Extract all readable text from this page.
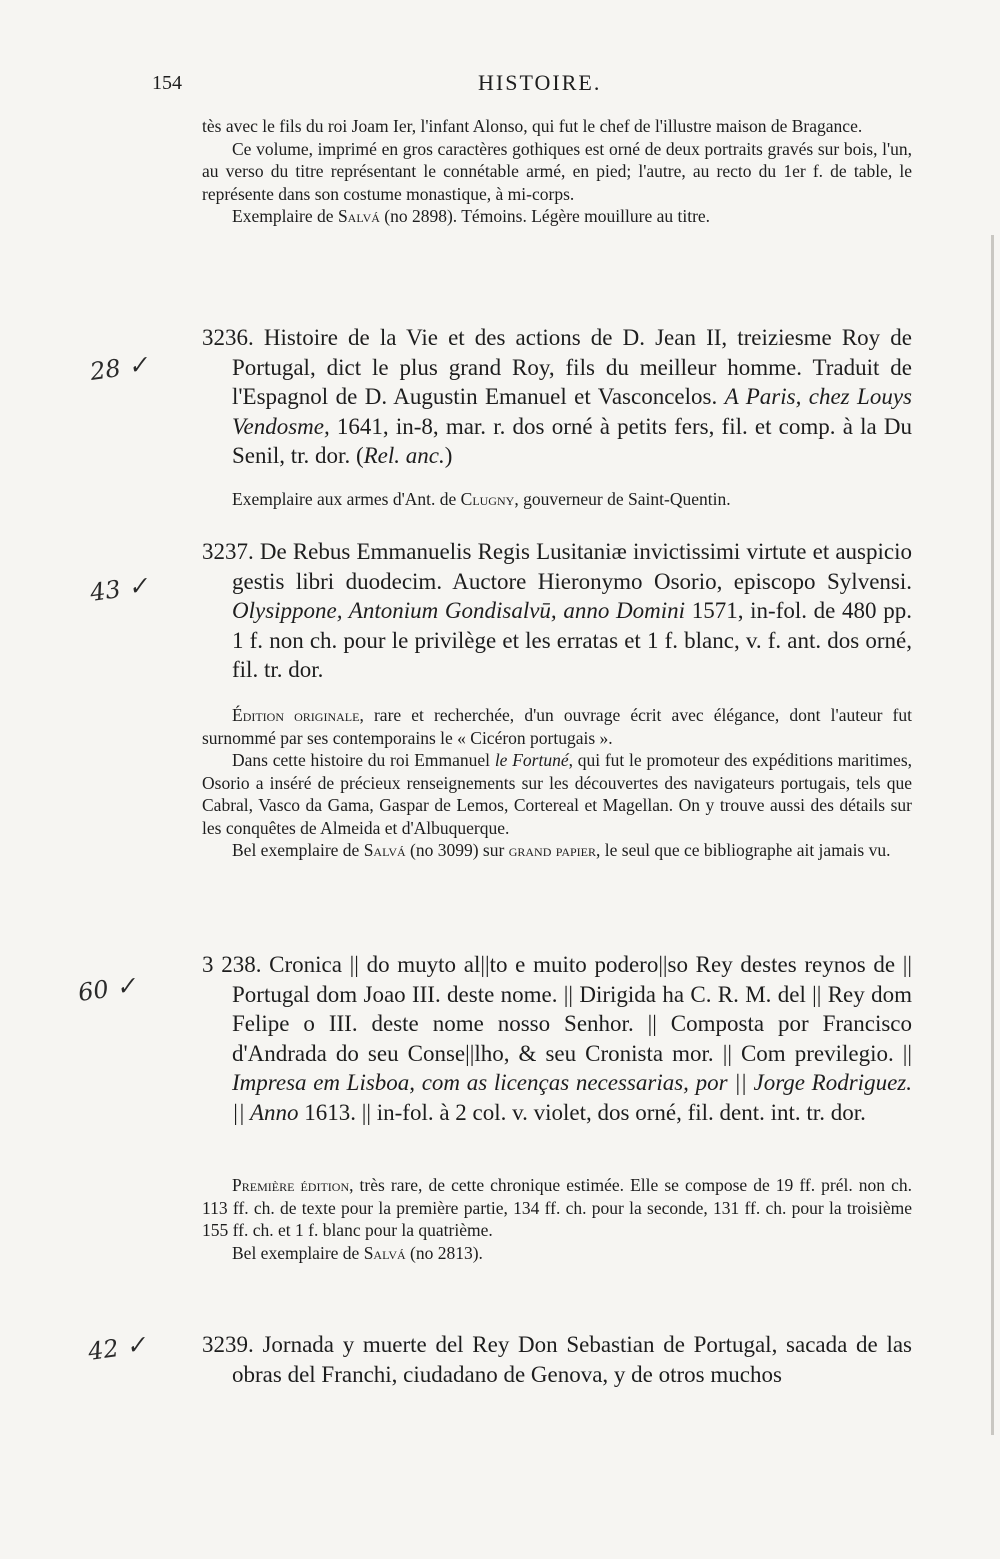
154	HISTOIRE.

tès avec le fils du roi Joam Ier, l'infant Alonso, qui fut le chef de l'illustre maison de Bragance.

Ce volume, imprimé en gros caractères gothiques est orné de deux portraits gravés sur bois, l'un, au verso du titre représentant le connétable armé, en pied; l'autre, au recto du 1er f. de table, le représente dans son costume monastique, à mi-corps.

Exemplaire de Salvá (no 2898). Témoins. Légère mouillure au titre.

28 ✓

3236. Histoire de la Vie et des actions de D. Jean II, treiziesme Roy de Portugal, dict le plus grand Roy, fils du meilleur homme. Traduit de l'Espagnol de D. Augustin Emanuel et Vasconcelos. A Paris, chez Louys Vendosme, 1641, in-8, mar. r. dos orné à petits fers, fil. et comp. à la Du Senil, tr. dor. (Rel. anc.)

Exemplaire aux armes d'Ant. de Clugny, gouverneur de Saint-Quentin.

43 ✓

3237. De Rebus Emmanuelis Regis Lusitaniæ invictissimi virtute et auspicio gestis libri duodecim. Auctore Hieronymo Osorio, episcopo Sylvensi. Olysippone, Antonium Gondisalvū, anno Domini 1571, in-fol. de 480 pp. 1 f. non ch. pour le privilège et les erratas et 1 f. blanc, v. f. ant. dos orné, fil. tr. dor.

Édition originale, rare et recherchée, d'un ouvrage écrit avec élégance, dont l'auteur fut surnommé par ses contemporains le « Cicéron portugais ».

Dans cette histoire du roi Emmanuel le Fortuné, qui fut le promoteur des expéditions maritimes, Osorio a inséré de précieux renseignements sur les découvertes des navigateurs portugais, tels que Cabral, Vasco da Gama, Gaspar de Lemos, Cortereal et Magellan. On y trouve aussi des détails sur les conquêtes de Almeida et d'Albuquerque.

Bel exemplaire de Salvá (no 3099) sur grand papier, le seul que ce bibliographe ait jamais vu.

60 ✓

3 238. Cronica || do muyto al||to e muito podero||so Rey destes reynos de || Portugal dom Joao III. deste nome. || Dirigida ha C. R. M. del || Rey dom Felipe o III. deste nome nosso Senhor. || Composta por Francisco d'Andrada do seu Conse||lho, & seu Cronista mor. || Com previlegio. || Impresa em Lisboa, com as licenças necessarias, por || Jorge Rodriguez. || Anno 1613. || in-fol. à 2 col. v. violet, dos orné, fil. dent. int. tr. dor.

Première édition, très rare, de cette chronique estimée. Elle se compose de 19 ff. prél. non ch. 113 ff. ch. de texte pour la première partie, 134 ff. ch. pour la seconde, 131 ff. ch. pour la troisième 155 ff. ch. et 1 f. blanc pour la quatrième.

Bel exemplaire de Salvá (no 2813).

42 ✓ 3239. Jornada y muerte del Rey Don Sebastian de Portugal, sacada de las obras del Franchi, ciudadano de Genova, y de otros muchos
